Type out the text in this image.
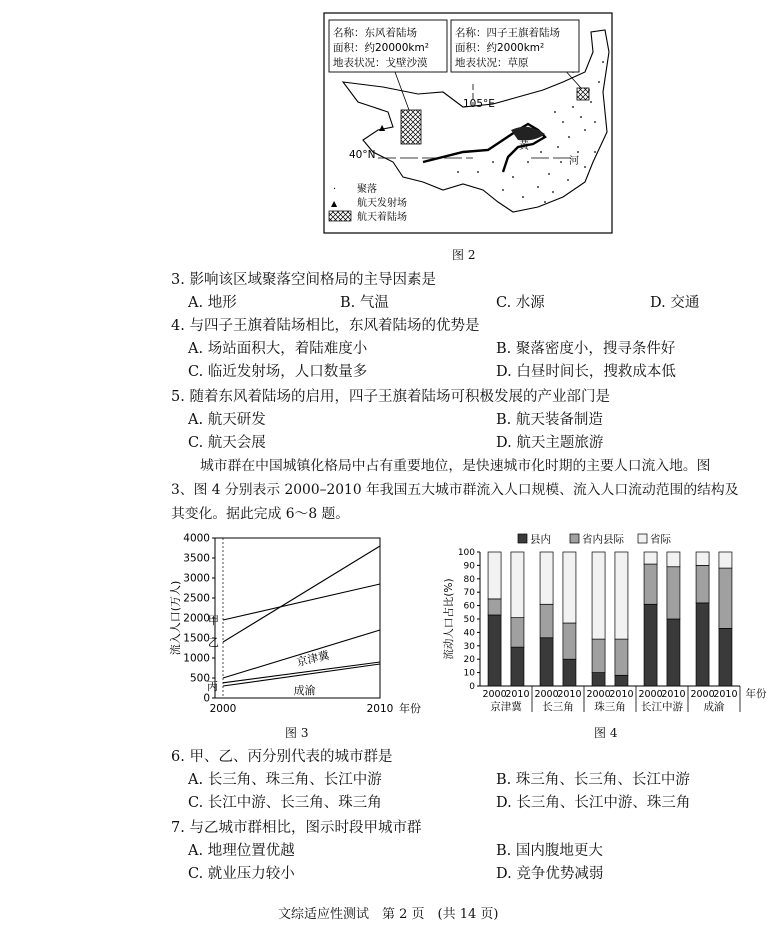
▲
名称：东风着陆场
面积：约20000km²
地表状况：戈壁沙漠
名称：四子王旗着陆场
面积：约2000km²
地表状况：草原
105°E
40°N
黄
河
· 聚落
▲ 航天发射场
航天着陆场
图 2
3. 影响该区域聚落空间格局的主导因素是
A. 地形	B. 气温	C. 水源	D. 交通
4. 与四子王旗着陆场相比，东风着陆场的优势是
A. 场站面积大，着陆难度小	B. 聚落密度小，搜寻条件好
C. 临近发射场，人口数量多	D. 白昼时间长，搜救成本低
5. 随着东风着陆场的启用，四子王旗着陆场可积极发展的产业部门是
A. 航天研发	B. 航天装备制造
C. 航天会展	D. 航天主题旅游
城市群在中国城镇化格局中占有重要地位，是快速城市化时期的主要人口流入地。图
3、图 4 分别表示 2000–2010 年我国五大城市群流入人口规模、流入人口流动范围的结构及
其变化。据此完成 6～8 题。
0
500
1000
1500
2000
2500
3000
3500
4000
2000	2010 年份
流入人口(万人) 甲
乙
京津冀
成渝
丙
图 3
县内	省内县际 省际
0
10
20
30
40
50
60
70
80
90
100
流动人口占比(%)
2000
2010 2000
2010 2000
2010 2000
2010 2000
2010
京津冀 长三角 珠三角 长江中游 成渝
年份
图 4
6. 甲、乙、丙分别代表的城市群是
A. 长三角、珠三角、长江中游	B. 珠三角、长三角、长江中游
C. 长江中游、长三角、珠三角	D. 长三角、长江中游、珠三角
7. 与乙城市群相比，图示时段甲城市群
A. 地理位置优越	B. 国内腹地更大
C. 就业压力较小	D. 竞争优势减弱
文综适应性测试　第 2 页　(共 14 页)
